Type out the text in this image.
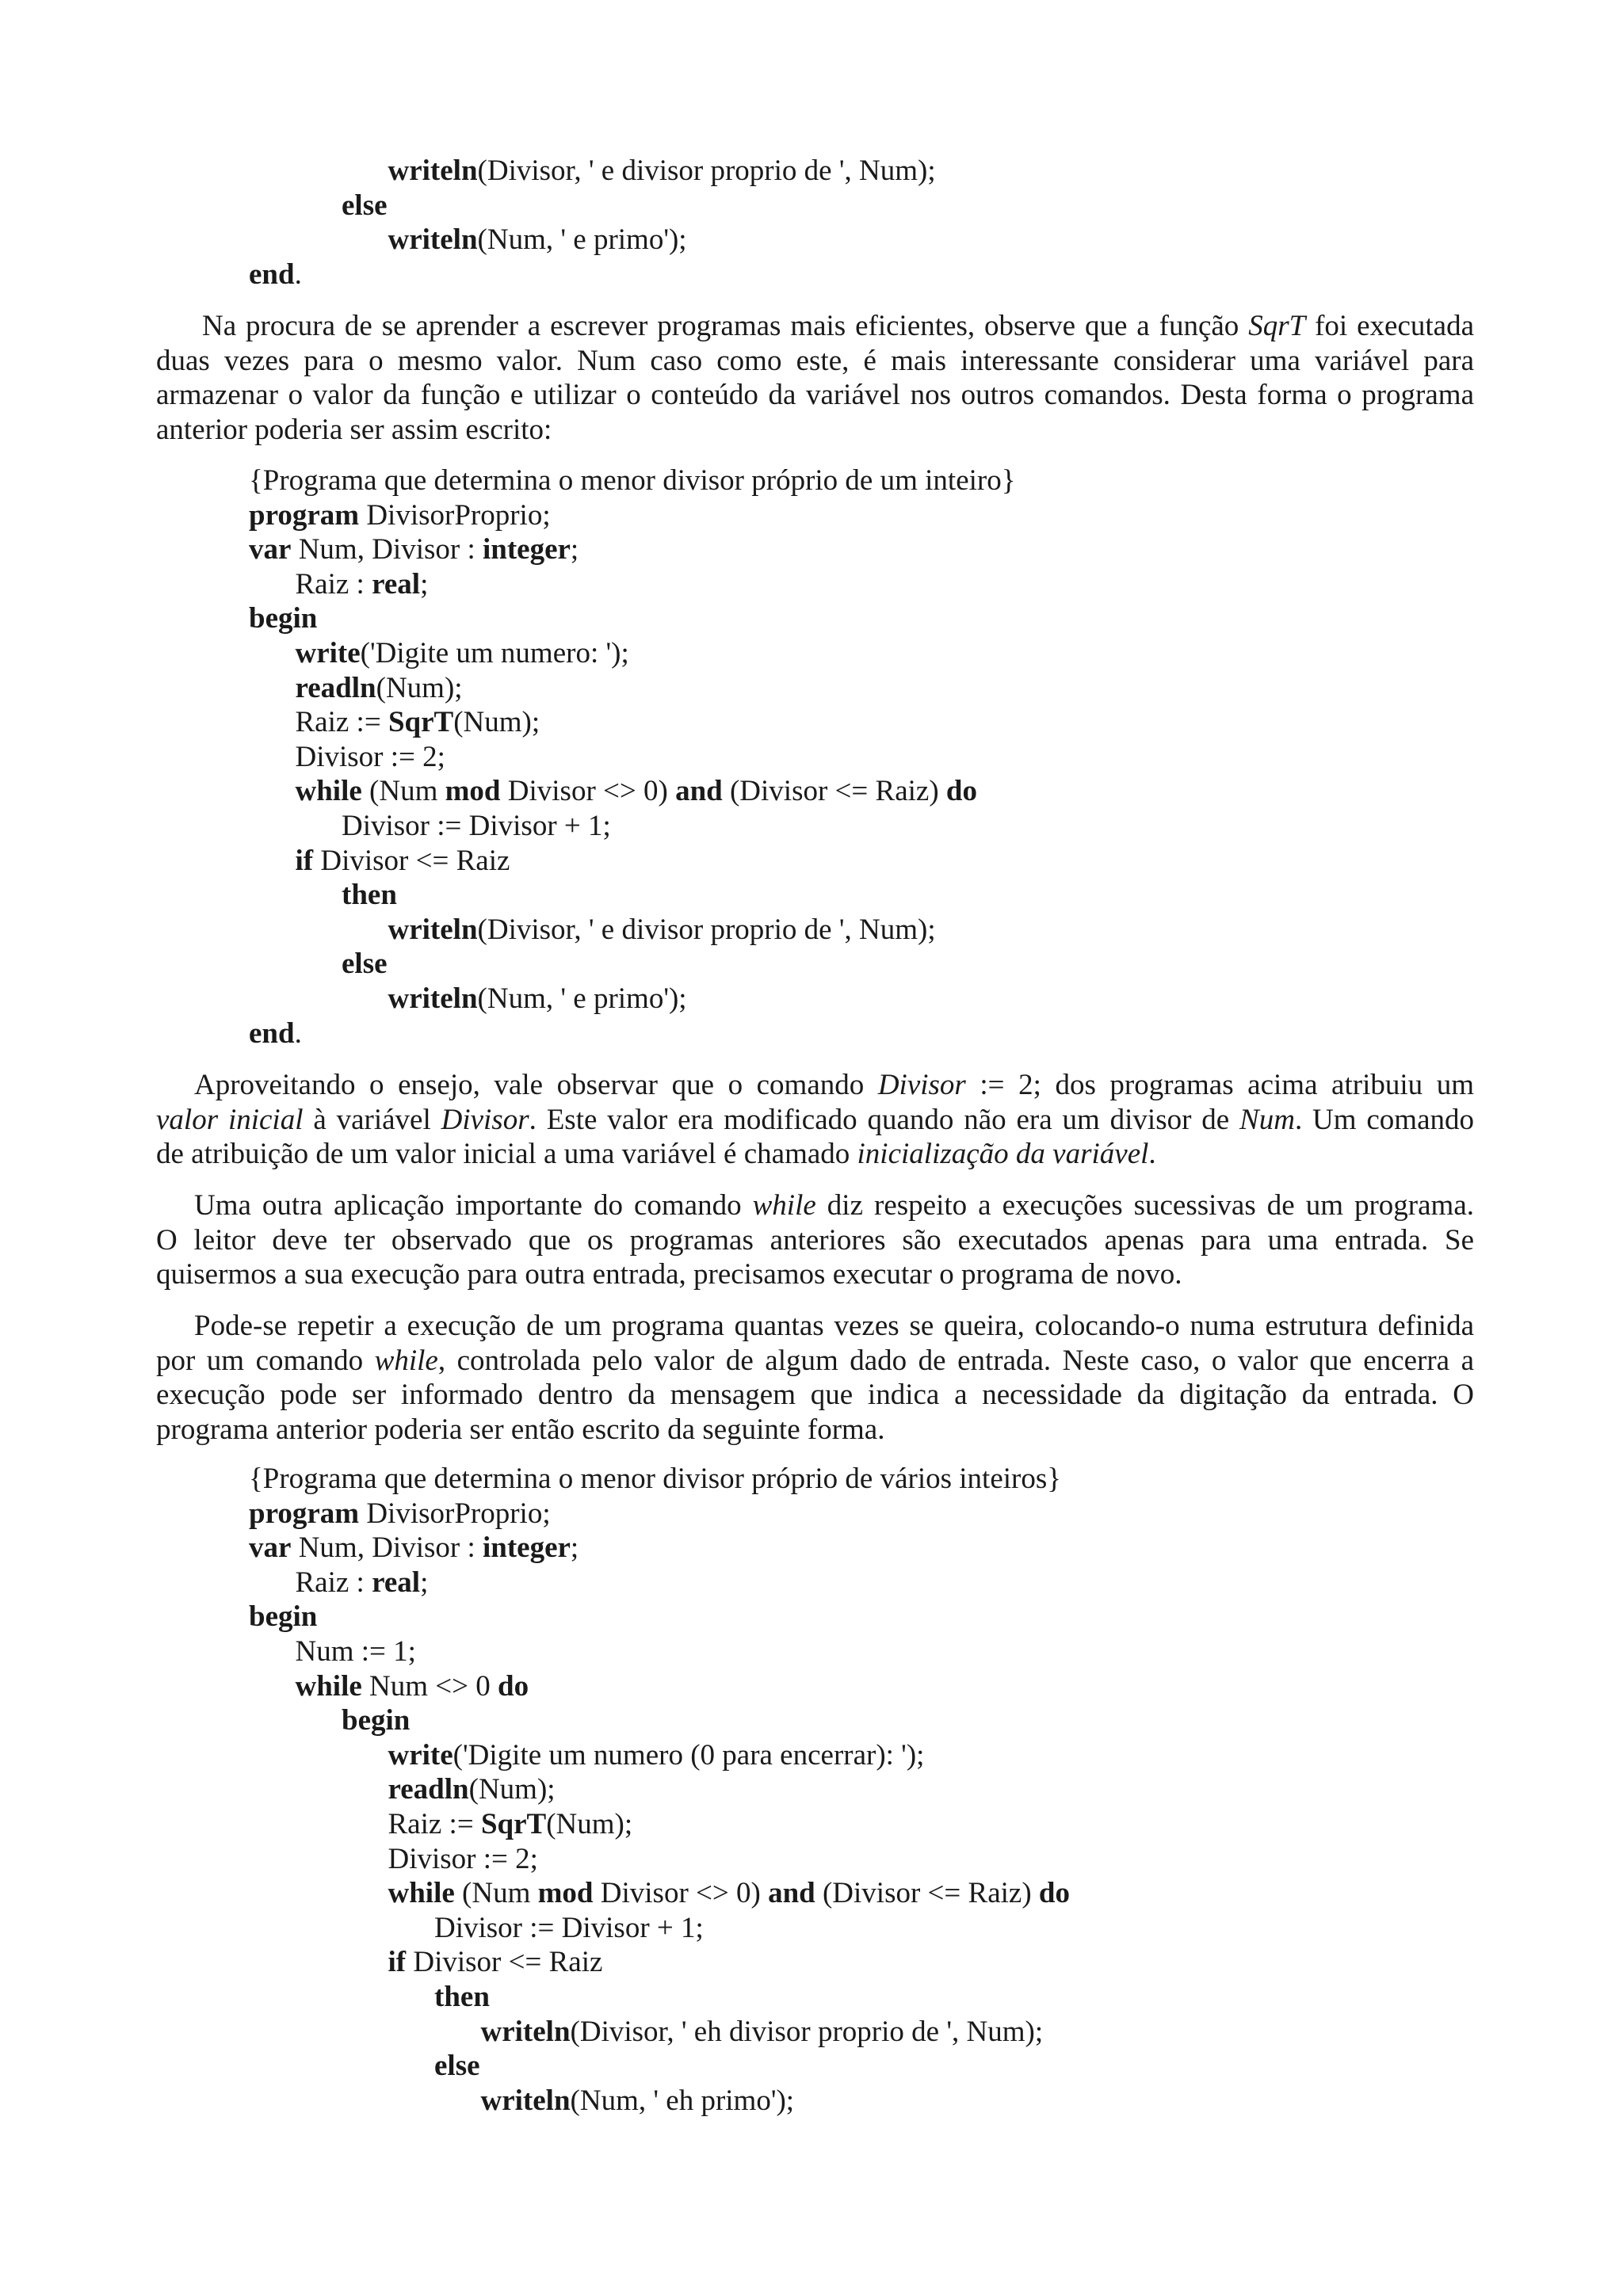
writeln(Divisor, ' e divisor proprio de ', Num);
else
writeln(Num, ' e primo');
end.
Na procura de se aprender a escrever programas mais eficientes, observe que a função SqrT foi executada
duas vezes para o mesmo valor. Num caso como este, é mais interessante considerar uma variável para
armazenar o valor da função e utilizar o conteúdo da variável nos outros comandos. Desta forma o programa
anterior poderia ser assim escrito:
{Programa que determina o menor divisor próprio de um inteiro}
program DivisorProprio;
var Num, Divisor : integer;
Raiz : real;
begin
write('Digite um numero: ');
readln(Num);
Raiz := SqrT(Num);
Divisor := 2;
while (Num mod Divisor <> 0) and (Divisor <= Raiz) do
Divisor := Divisor + 1;
if Divisor <= Raiz
then
writeln(Divisor, ' e divisor proprio de ', Num);
else
writeln(Num, ' e primo');
end.
Aproveitando o ensejo, vale observar que o comando Divisor := 2; dos programas acima atribuiu um
valor inicial à variável Divisor. Este valor era modificado quando não era um divisor de Num. Um comando
de atribuição de um valor inicial a uma variável é chamado inicialização da variável.
Uma outra aplicação importante do comando while diz respeito a execuções sucessivas de um programa.
O leitor deve ter observado que os programas anteriores são executados apenas para uma entrada. Se
quisermos a sua execução para outra entrada, precisamos executar o programa de novo.
Pode-se repetir a execução de um programa quantas vezes se queira, colocando-o numa estrutura definida
por um comando while, controlada pelo valor de algum dado de entrada. Neste caso, o valor que encerra a
execução pode ser informado dentro da mensagem que indica a necessidade da digitação da entrada. O
programa anterior poderia ser então escrito da seguinte forma.
{Programa que determina o menor divisor próprio de vários inteiros}
program DivisorProprio;
var Num, Divisor : integer;
Raiz : real;
begin
Num := 1;
while Num <> 0 do
begin
write('Digite um numero (0 para encerrar): ');
readln(Num);
Raiz := SqrT(Num);
Divisor := 2;
while (Num mod Divisor <> 0) and (Divisor <= Raiz) do
Divisor := Divisor + 1;
if Divisor <= Raiz
then
writeln(Divisor, ' eh divisor proprio de ', Num);
else
writeln(Num, ' eh primo');
